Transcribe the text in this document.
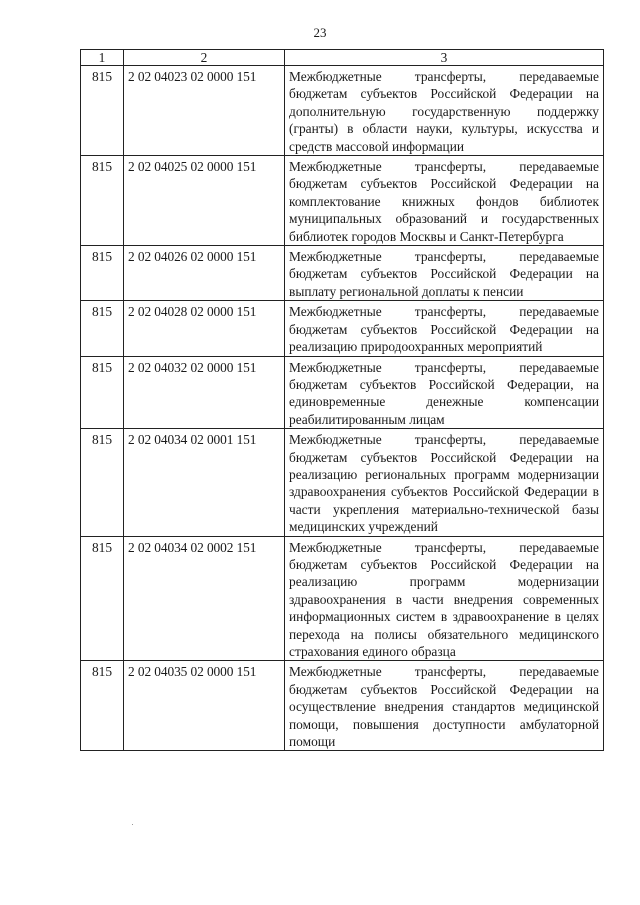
23
1	2	3
815	2 02 04023 02 0000 151	Межбюджетные трансферты, передаваемые бюджетам субъектов Российской Федерации на дополнительную государственную поддержку (гранты) в области науки, культуры, искусства и средств массовой информации
815	2 02 04025 02 0000 151	Межбюджетные трансферты, передаваемые бюджетам субъектов Российской Федерации на комплектование книжных фондов библиотек муниципальных образований и государственных библиотек городов Москвы и Санкт-Петербурга
815	2 02 04026 02 0000 151	Межбюджетные трансферты, передаваемые бюджетам субъектов Российской Федерации на выплату региональной доплаты к пенсии
815	2 02 04028 02 0000 151	Межбюджетные трансферты, передаваемые бюджетам субъектов Российской Федерации на реализацию природоохранных мероприятий
815	2 02 04032 02 0000 151	Межбюджетные трансферты, передаваемые бюджетам субъектов Российской Федерации, на единовременные денежные компенсации реабилитированным лицам
815	2 02 04034 02 0001 151	Межбюджетные трансферты, передаваемые бюджетам субъектов Российской Федерации на реализацию региональных программ модернизации здравоохранения субъектов Российской Федерации в части укрепления материально-технической базы медицинских учреждений
815	2 02 04034 02 0002 151	Межбюджетные трансферты, передаваемые бюджетам субъектов Российской Федерации на реализацию программ модернизации здравоохранения в части внедрения современных информационных систем в здравоохранение в целях перехода на полисы обязательного медицинского страхования единого образца
815	2 02 04035 02 0000 151	Межбюджетные трансферты, передаваемые бюджетам субъектов Российской Федерации на осуществление внедрения стандартов медицинской помощи, повышения доступности амбулаторной помощи
